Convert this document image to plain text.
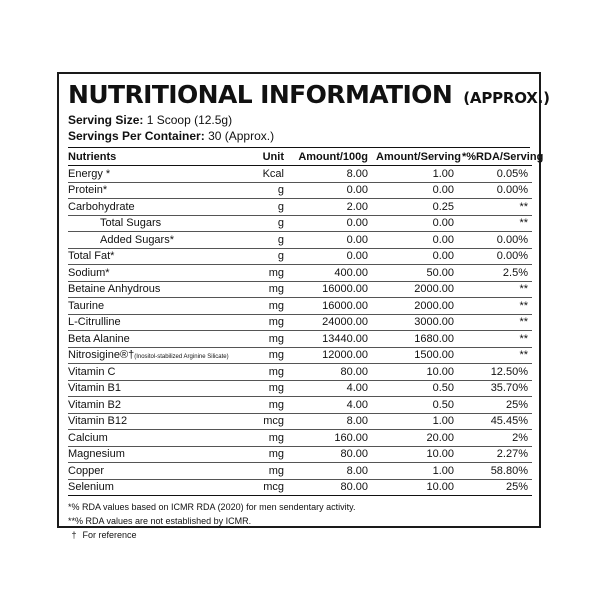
NUTRITIONAL INFORMATION (APPROX.)
Serving Size: 1 Scoop (12.5g)
Servings Per Container: 30 (Approx.)
Nutrients	Unit	Amount/100g	Amount/Serving	*%RDA/Serving
Energy *	Kcal	8.00	1.00	0.05%
Protein*	g	0.00	0.00	0.00%
Carbohydrate	g	2.00	0.25	**
Total Sugars	g	0.00	0.00	**
Added Sugars*	g	0.00	0.00	0.00%
Total Fat*	g	0.00	0.00	0.00%
Sodium*	mg	400.00	50.00	2.5%
Betaine Anhydrous	mg	16000.00	2000.00	**
Taurine	mg	16000.00	2000.00	**
L-Citrulline	mg	24000.00	3000.00	**
Beta Alanine	mg	13440.00	1680.00	**
Nitrosigine®†(Inositol-stabilized Arginine Silicate)	mg	12000.00	1500.00	**
Vitamin C	mg	80.00	10.00	12.50%
Vitamin B1	mg	4.00	0.50	35.70%
Vitamin B2	mg	4.00	0.50	25%
Vitamin B12	mcg	8.00	1.00	45.45%
Calcium	mg	160.00	20.00	2%
Magnesium	mg	80.00	10.00	2.27%
Copper	mg	8.00	1.00	58.80%
Selenium	mcg	80.00	10.00	25%
*% RDA values based on ICMR RDA (2020) for men sendentary activity.
**% RDA values are not established by ICMR.
† For reference
